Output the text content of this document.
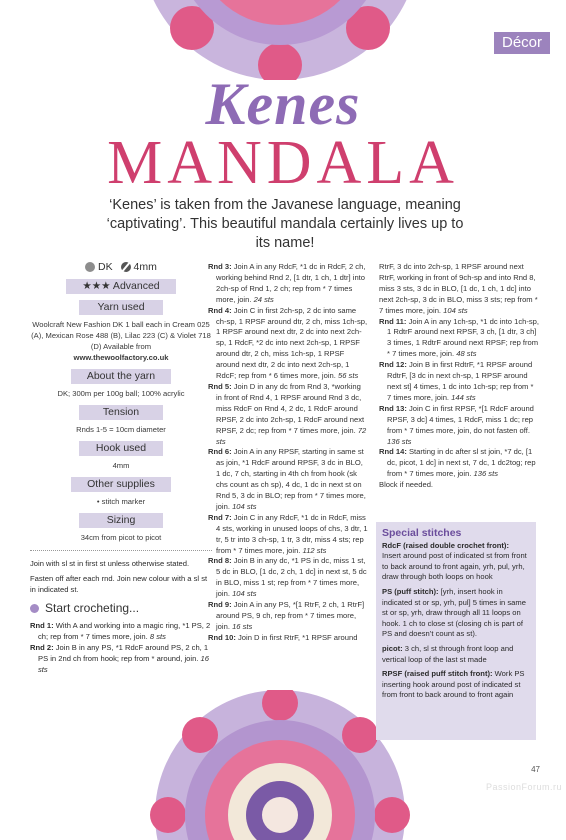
Décor
Kenes
MANDALA
‘Kenes’ is taken from the Javanese language, meaning ‘captivating’. This beautiful mandala certainly lives up to its name!
DK	4mm
★★★ Advanced
Yarn used
Woolcraft New Fashion DK 1 ball each in Cream 025 (A), Mexican Rose 488 (B), Lilac 223 (C) & Violet 718 (D) Available from
www.thewoolfactory.co.uk
About the yarn
DK; 300m per 100g ball; 100% acrylic
Tension
Rnds 1-5 = 10cm diameter
Hook used
4mm
Other supplies
• stitch marker
Sizing
34cm from picot to picot

Join with sl st in first st unless otherwise stated.

Fasten off after each rnd. Join new colour with a sl st in indicated st.

Start crocheting...
Rnd 1: With A and working into a magic ring, *1 PS, 2 ch; rep from * 7 times more, join. 8 sts
Rnd 2: Join B in any PS, *1 RdcF around PS, 2 ch, 1 PS in 2nd ch from hook; rep from * around, join. 16 sts
Rnd 3: Join A in any RdcF, *1 dc in RdcF, 2 ch, working behind Rnd 2, [1 dtr, 1 ch, 1 dtr] into 2ch-sp of Rnd 1, 2 ch; rep from * 7 times more, join. 24 sts
Rnd 4: Join C in first 2ch-sp, 2 dc into same ch-sp, 1 RPSF around dtr, 2 ch, miss 1ch-sp, 1 RPSF around next dtr, 2 dc into next 2ch-sp, 1 RdcF, *2 dc into next 2ch-sp, 1 RPSF around dtr, 2 ch, miss 1ch-sp, 1 RPSF around next dtr, 2 dc into next 2ch-sp, 1 RdcF; rep from * 6 times more, join. 56 sts
Rnd 5: Join D in any dc from Rnd 3, *working in front of Rnd 4, 1 RPSF around Rnd 3 dc, miss RdcF on Rnd 4, 2 dc, 1 RdcF around RPSF, 2 dc into 2ch-sp, 1 RdcF around next RPSF, 2 dc; rep from * 7 times more, join. 72 sts
Rnd 6: Join A in any RPSF, starting in same st as join, *1 RdcF around RPSF, 3 dc in BLO, 1 dc, 7 ch, starting in 4th ch from hook (sk chs count as ch sp), 4 dc, 1 dc in next st on Rnd 5, 3 dc in BLO; rep from * 7 times more, join. 104 sts
Rnd 7: Join C in any RdcF, *1 dc in RdcF, miss 4 sts, working in unused loops of chs, 3 dtr, 1 tr, 5 tr into 3 ch-sp, 1 tr, 3 dtr, miss 4 sts; rep from * 7 times more, join. 112 sts
Rnd 8: Join B in any dc, *1 PS in dc, miss 1 st, 5 dc in BLO, [1 dc, 2 ch, 1 dc] in next st, 5 dc in BLO, miss 1 st; rep from * 7 times more, join. 104 sts
Rnd 9: Join A in any PS, *[1 RtrF, 2 ch, 1 RtrF] around PS, 9 ch, rep from * 7 times more, join. 16 sts
Rnd 10: Join D in first RtrF, *1 RPSF around
RtrF, 3 dc into 2ch-sp, 1 RPSF around next RtrF, working in front of 9ch-sp and into Rnd 8, miss 3 sts, 3 dc in BLO, [1 dc, 1 ch, 1 dc] into next 2ch-sp, 3 dc in BLO, miss 3 sts; rep from * 7 times more, join. 104 sts
Rnd 11: Join A in any 1ch-sp, *1 dc into 1ch-sp, 1 RdtrF around next RPSF, 3 ch, [1 dtr, 3 ch] 3 times, 1 RdtrF around next RPSF; rep from * 7 times more, join. 48 sts
Rnd 12: Join B in first RdtrF, *1 RPSF around RdtrF, [3 dc in next ch-sp, 1 RPSF around next st] 4 times, 1 dc into 1ch-sp; rep from * 7 times more, join. 144 sts
Rnd 13: Join C in first RPSF, *[1 RdcF around RPSF, 3 dc] 4 times, 1 RdcF, miss 1 dc; rep from * 7 times more, join, do not fasten off. 136 sts
Rnd 14: Starting in dc after sl st join, *7 dc, [1 dc, picot, 1 dc] in next st, 7 dc, 1 dc2tog; rep from * 7 times more, join. 136 sts
Block if needed.
Special stitches

RdcF (raised double crochet front): Insert around post of indicated st from front to back around to front again, yrh, pul, yrh, draw through both loops on hook

PS (puff stitch): [yrh, insert hook in indicated st or sp, yrh, pul] 5 times in same st or sp, yrh, draw through all 11 loops on hook. 1 ch to close st (closing ch is part of PS and doesn’t count as st).

picot: 3 ch, sl st through front loop and vertical loop of the last st made

RPSF (raised puff stitch front): Work PS inserting hook around post of indicated st from front to back around to front again

47
PassionForum.ru
